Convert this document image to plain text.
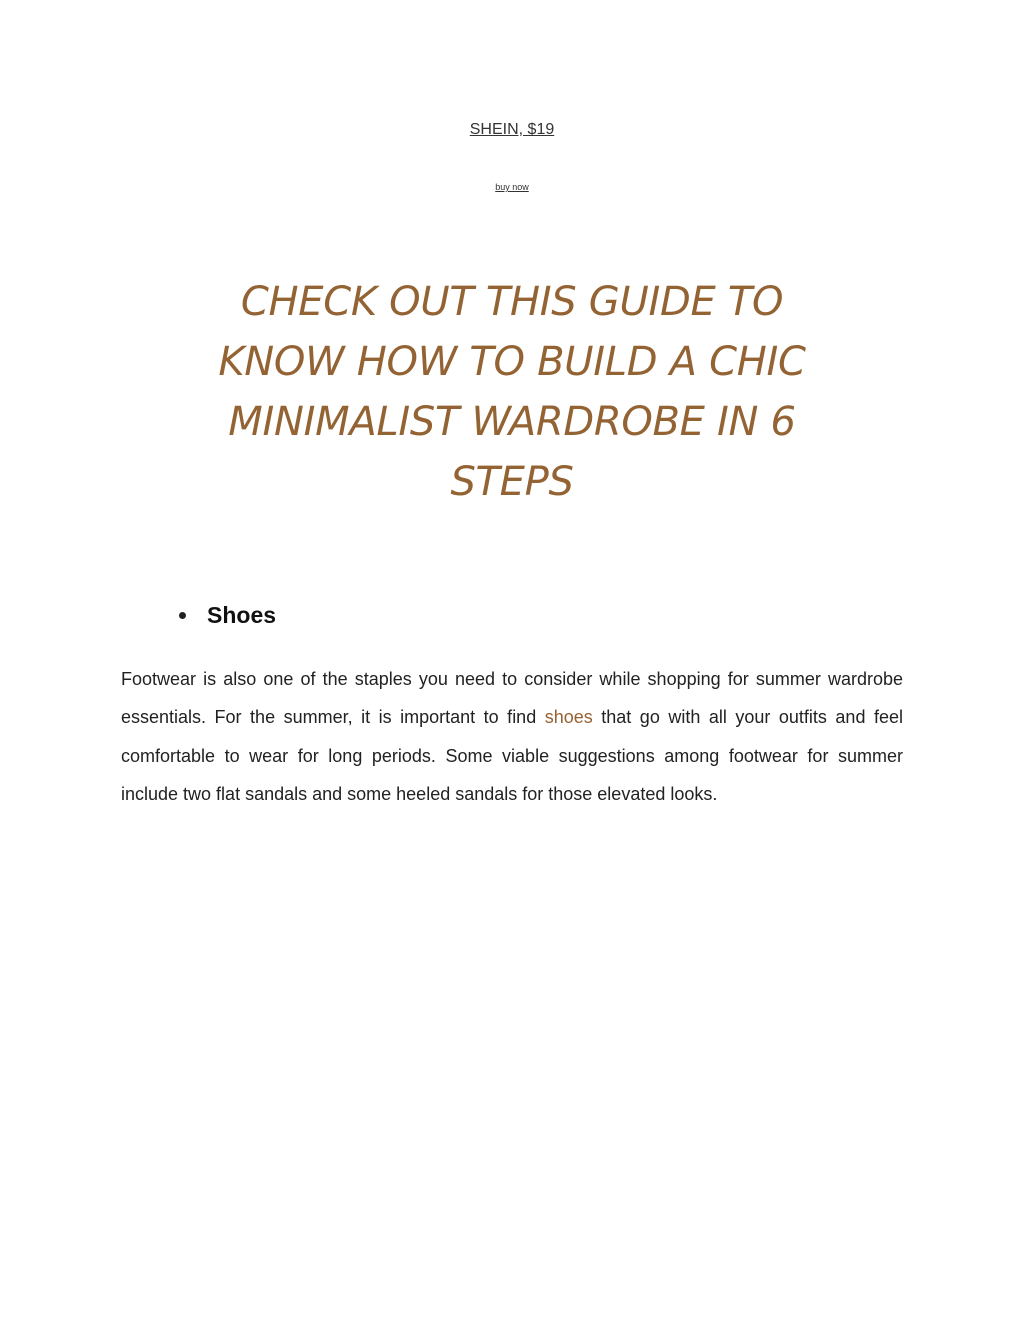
SHEIN, $19
buy now
CHECK OUT THIS GUIDE TO KNOW HOW TO BUILD A CHIC MINIMALIST WARDROBE IN 6 STEPS
Shoes

Footwear is also one of the staples you need to consider while shopping for summer wardrobe essentials. For the summer, it is important to find shoes that go with all your outfits and feel comfortable to wear for long periods. Some viable suggestions among footwear for summer include two flat sandals and some heeled sandals for those elevated looks.
